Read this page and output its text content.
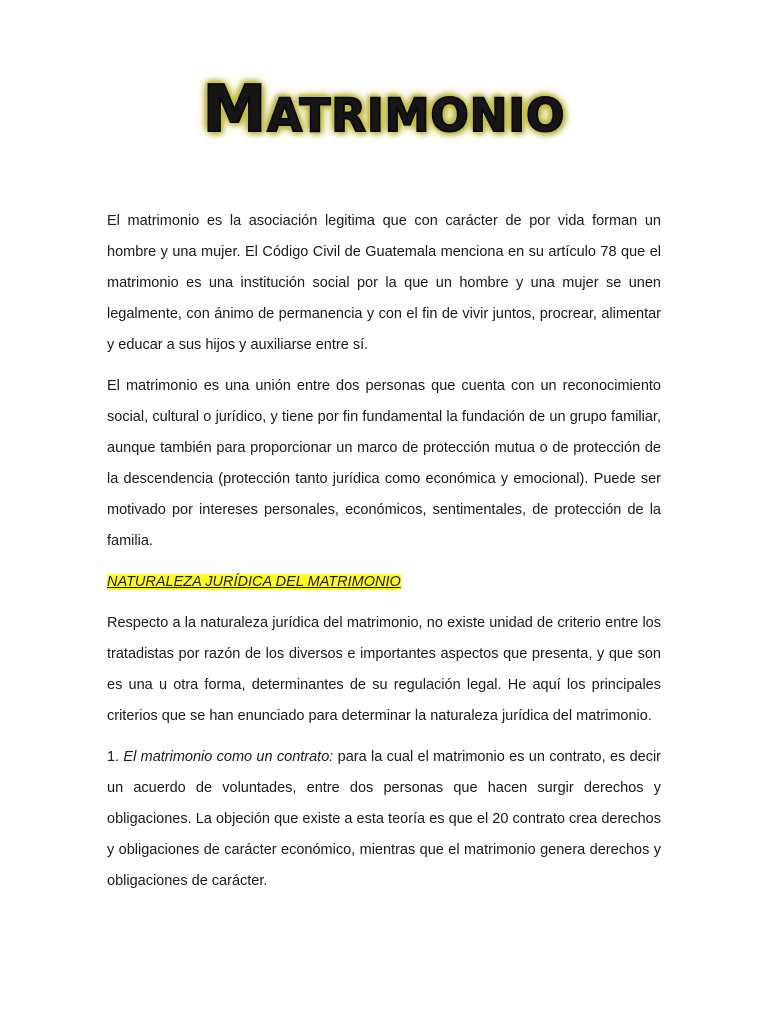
Matrimonio

El matrimonio es la asociación legitima que con carácter de por vida forman un hombre y una mujer. El Código Civil de Guatemala menciona en su artículo 78 que el matrimonio es una institución social por la que un hombre y una mujer se unen legalmente, con ánimo de permanencia y con el fin de vivir juntos, procrear, alimentar y educar a sus hijos y auxiliarse entre sí.

El matrimonio es una unión entre dos personas que cuenta con un reconocimiento social, cultural o jurídico, y tiene por fin fundamental la fundación de un grupo familiar, aunque también para proporcionar un marco de protección mutua o de protección de la descendencia (protección tanto jurídica como económica y emocional). Puede ser motivado por intereses personales, económicos, sentimentales, de protección de la familia.

NATURALEZA JURÍDICA DEL MATRIMONIO

Respecto a la naturaleza jurídica del matrimonio, no existe unidad de criterio entre los tratadistas por razón de los diversos e importantes aspectos que presenta, y que son es una u otra forma, determinantes de su regulación legal. He aquí los principales criterios que se han enunciado para determinar la naturaleza jurídica del matrimonio.

1. El matrimonio como un contrato: para la cual el matrimonio es un contrato, es decir un acuerdo de voluntades, entre dos personas que hacen surgir derechos y obligaciones. La objeción que existe a esta teoría es que el 20 contrato crea derechos y obligaciones de carácter económico, mientras que el matrimonio genera derechos y obligaciones de carácter.
